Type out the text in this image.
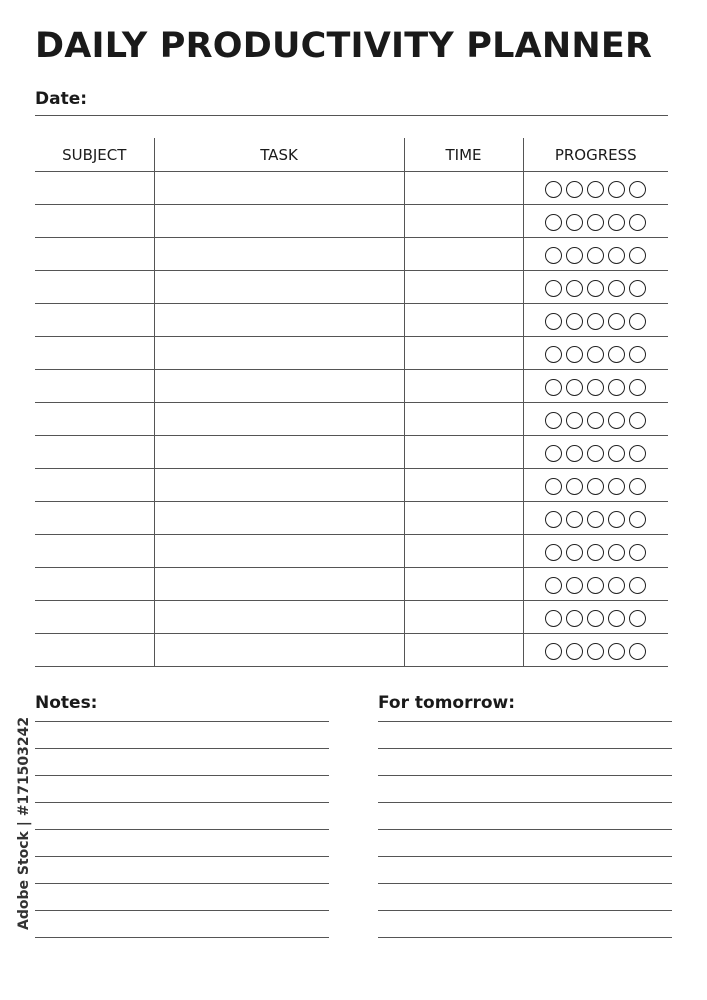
DAILY PRODUCTIVITY PLANNER
Date:
SUBJECT	TASK	TIME	PROGRESS

Notes:	For tomorrow:
Adobe Stock | #171503242
